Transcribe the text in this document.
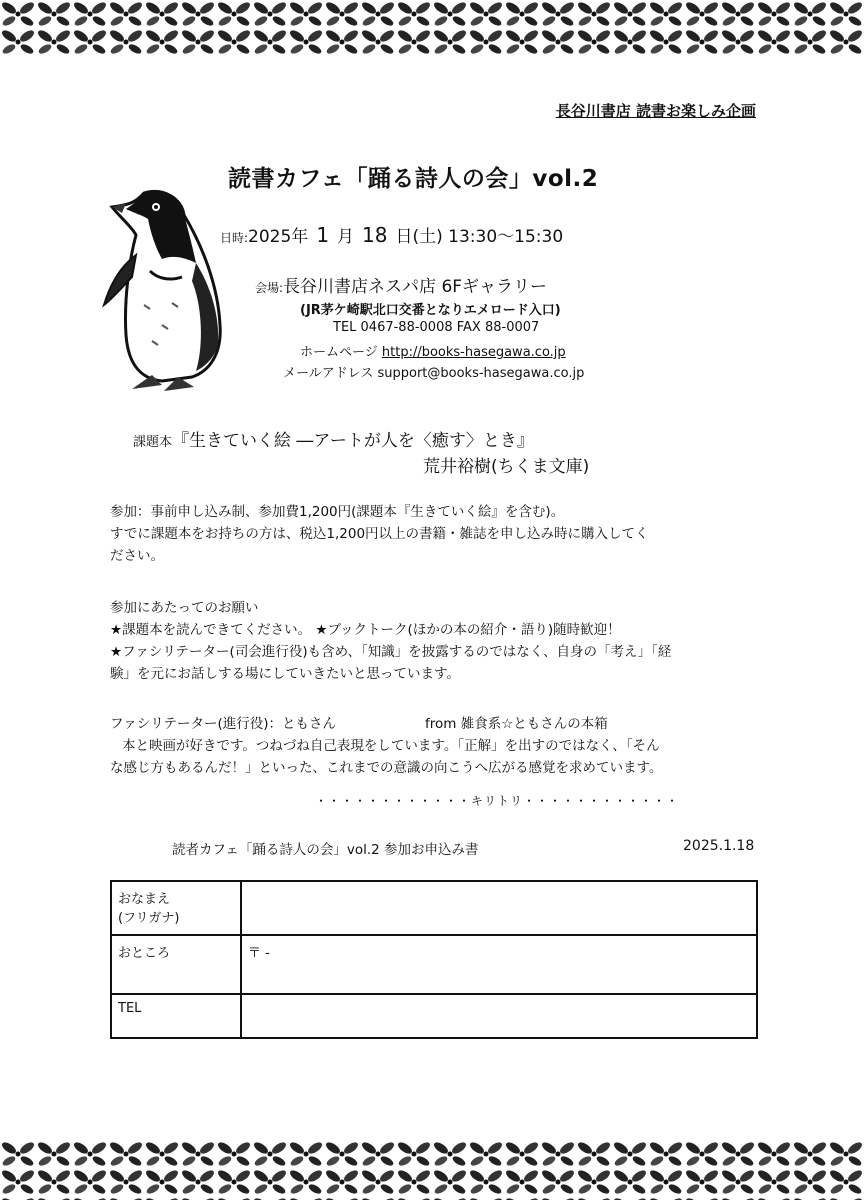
長谷川書店 読書お楽しみ企画
読書カフェ「踊る詩人の会」vol.2
日時:2025年 1 月 18 日(土) 13:30〜15:30
会場:長谷川書店ネスパ店 6Fギャラリー
(JR茅ケ崎駅北口交番となりエメロード入口)
TEL 0467-88-0008 FAX 88-0007
ホームページ http://books-hasegawa.co.jp
メールアドレス support@books-hasegawa.co.jp
課題本『生きていく絵 ―アートが人を〈癒す〉とき』
荒井裕樹(ちくま文庫)
参加：事前申し込み制、参加費1,200円(課題本『生きていく絵』を含む)。
すでに課題本をお持ちの方は、税込1,200円以上の書籍・雑誌を申し込み時に購入してく
ださい。
参加にあたってのお願い
★課題本を読んできてください。 ★ブックトーク(ほかの本の紹介・語り)随時歓迎！
★ファシリテーター(司会進行役)も含め、「知識」を披露するのではなく、自身の「考え」「経
験」を元にお話しする場にしていきたいと思っています。
ファシリテーター(進行役)：ともさん	from 雑食系☆ともさんの本箱
本と映画が好きです。つねづね自己表現をしています。「正解」を出すのではなく、「そん
な感じ方もあるんだ！」といった、これまでの意識の向こうへ広がる感覚を求めています。
・・・・・・・・・・・・キリトリ・・・・・・・・・・・・
読者カフェ「踊る詩人の会」vol.2 参加お申込み書	2025.1.18
おなまえ
(フリガナ)	

おところ	〒 -

TEL	
